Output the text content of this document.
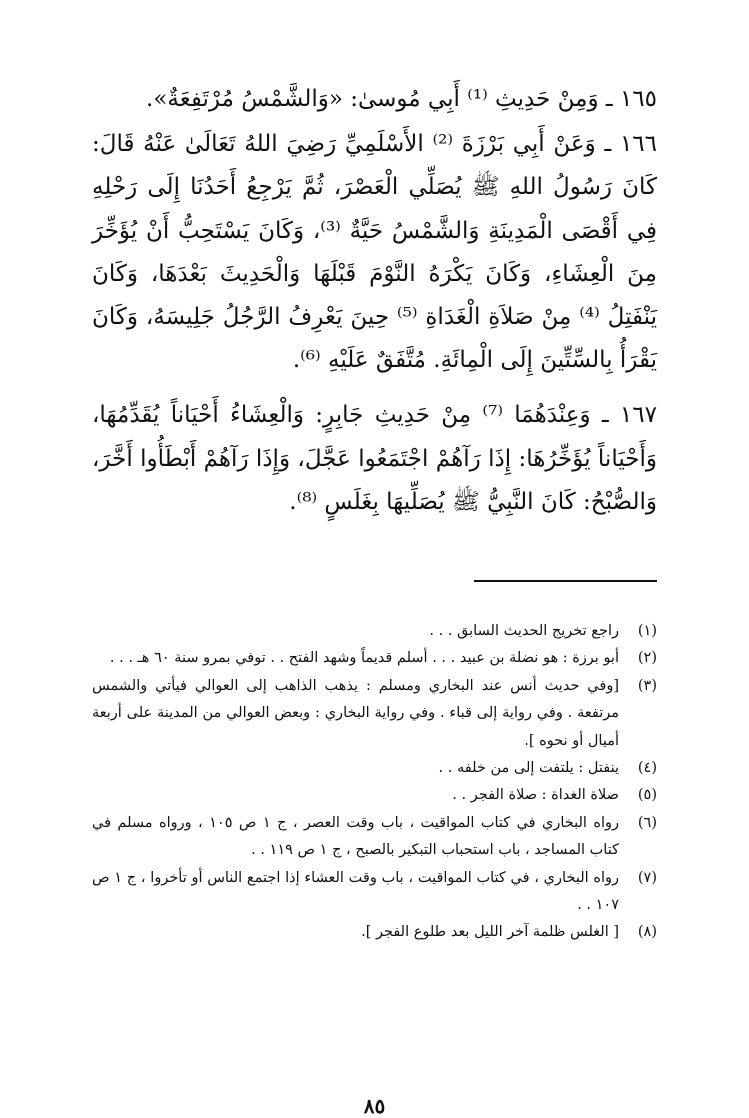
١٦٥ ـ وَمِنْ حَدِيثِ ⁽¹⁾ أَبِي مُوسىٰ: «وَالشَّمْسُ مُرْتَفِعَةٌ».

١٦٦ ـ وَعَنْ أَبِي بَرْزَةَ ⁽²⁾ الأَسْلَمِيِّ رَضِيَ اللهُ تَعَالَىٰ عَنْهُ قَالَ: كَانَ رَسُولُ اللهِ ﷺ يُصَلِّي الْعَصْرَ، ثُمَّ يَرْجِعُ أَحَدُنَا إِلَى رَحْلِهِ فِي أَقْصَى الْمَدِينَةِ وَالشَّمْسُ حَيَّةٌ ⁽³⁾، وَكَانَ يَسْتَحِبُّ أَنْ يُؤَخِّرَ مِنَ الْعِشَاءِ، وَكَانَ يَكْرَهُ النَّوْمَ قَبْلَهَا وَالْحَدِيثَ بَعْدَهَا، وَكَانَ يَنْفَتِلُ ⁽⁴⁾ مِنْ صَلاَةِ الْغَدَاةِ ⁽⁵⁾ حِينَ يَعْرِفُ الرَّجُلُ جَلِيسَهُ، وَكَانَ يَقْرَأُ بِالسِّتِّينَ إِلَى الْمِائَةِ. مُتَّفَقٌ عَلَيْهِ ⁽⁶⁾.

١٦٧ ـ وَعِنْدَهُمَا ⁽⁷⁾ مِنْ حَدِيثِ جَابِرٍ: وَالْعِشَاءُ أَحْيَاناً يُقَدِّمُهَا، وَأَحْيَاناً يُؤَخِّرُهَا: إِذَا رَآهُمْ اجْتَمَعُوا عَجَّلَ، وَإِذَا رَآهُمْ أَبْطَأُوا أَخَّرَ، وَالصُّبْحُ: كَانَ النَّبِيُّ ﷺ يُصَلِّيهَا بِغَلَسٍ ⁽⁸⁾.

(١)
راجع تخريج الحديث السابق . . .
(٢)
أبو برزة : هو نضلة بن عبيد . . . أسلم قديماً وشهد الفتح . . توفي بمرو سنة ٦٠ هـ . . .
(٣)
[وفي حديث أنس عند البخاري ومسلم : يذهب الذاهب إلى العوالي فيأتي والشمس مرتفعة . وفي رواية إلى قباء . وفي رواية البخاري : وبعض العوالي من المدينة على أربعة أميال أو نحوه ].
(٤)
ينفتل : يلتفت إلى من خلفه . .
(٥)
صلاة الغداة : صلاة الفجر . .
(٦)
رواه البخاري في كتاب المواقيت ، باب وقت العصر ، ج ١ ص ١٠٥ ، ورواه مسلم في كتاب المساجد ، باب استحباب التبكير بالصبح ، ج ١ ص ١١٩ . .
(٧)
رواه البخاري ، في كتاب المواقيت ، باب وقت العشاء إذا اجتمع الناس أو تأخروا ، ج ١ ص ١٠٧ . .
(٨)
[ الغلس ظلمة آخر الليل بعد طلوع الفجر ].
٨٥
